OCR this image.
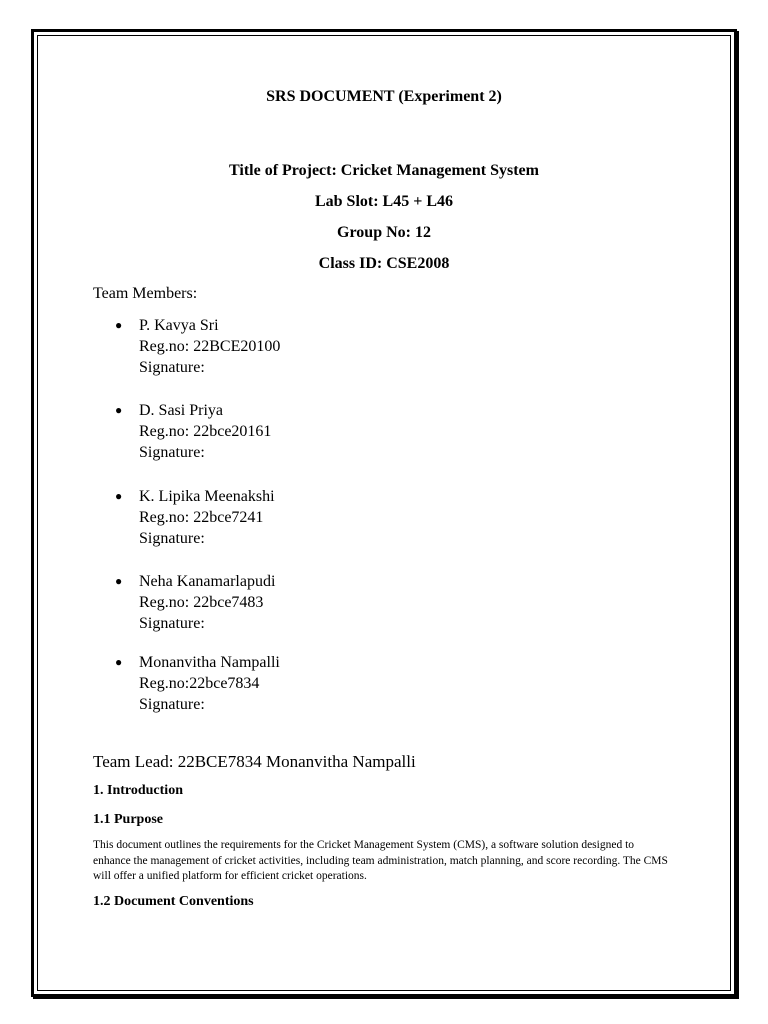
SRS DOCUMENT (Experiment 2)
Title of Project: Cricket Management System
Lab Slot: L45 + L46
Group No: 12
Class ID: CSE2008
Team Members:
● P. Kavya Sri
Reg.no: 22BCE20100
Signature:
● D. Sasi Priya
Reg.no: 22bce20161
Signature:
● K. Lipika Meenakshi
Reg.no: 22bce7241
Signature:
● Neha Kanamarlapudi
Reg.no: 22bce7483
Signature:
● Monanvitha Nampalli
Reg.no:22bce7834
Signature:
Team Lead: 22BCE7834 Monanvitha Nampalli
1. Introduction
1.1 Purpose
This document outlines the requirements for the Cricket Management System (CMS), a software solution designed to enhance the management of cricket activities, including team administration, match planning, and score recording. The CMS will offer a unified platform for efficient cricket operations.
1.2 Document Conventions
